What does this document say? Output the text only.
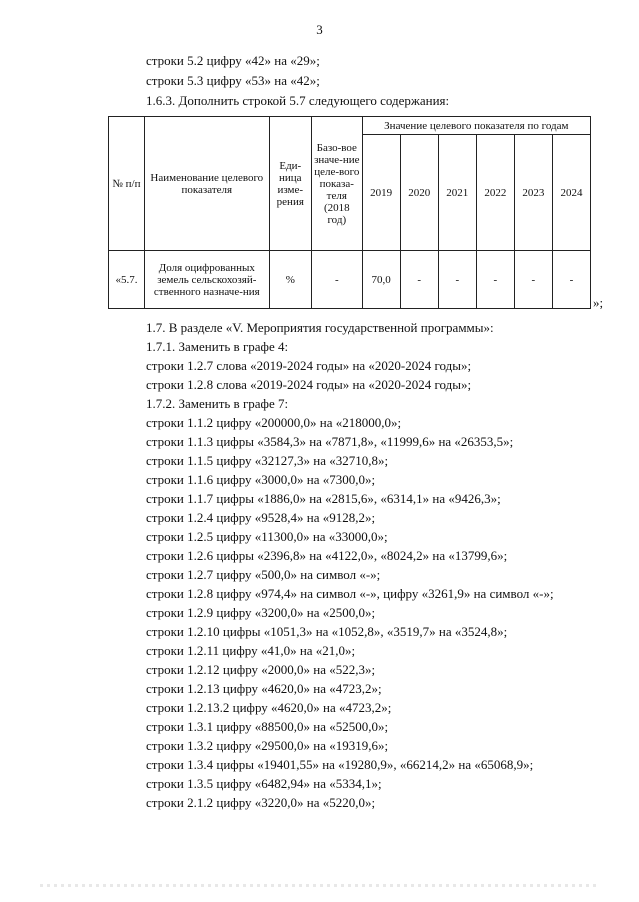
3
строки 5.2 цифру «42» на «29»;
строки 5.3 цифру «53» на «42»;
1.6.3. Дополнить строкой 5.7 следующего содержания:
№ п/п	Наименование целевого показателя	Еди-ница изме-рения	Базо-вое значе-ние целе-вого показа-теля (2018 год)	Значение целевого показателя по годам					
				2019	2020	2021	2022	2023	2024
«5.7.	Доля оцифрованных земель сельскохозяй-ственного назначе-ния	%	-	70,0	-	-	-	-	-
»;
1.7. В разделе «V. Мероприятия государственной программы»:
1.7.1. Заменить в графе 4:
строки 1.2.7 слова «2019-2024 годы» на «2020-2024 годы»;
строки 1.2.8 слова «2019-2024 годы» на «2020-2024 годы»;
1.7.2. Заменить в графе 7:
строки 1.1.2 цифру «200000,0» на «218000,0»;
строки 1.1.3 цифры «3584,3» на «7871,8», «11999,6» на «26353,5»;
строки 1.1.5 цифру «32127,3» на «32710,8»;
строки 1.1.6 цифру «3000,0» на «7300,0»;
строки 1.1.7 цифры «1886,0» на «2815,6», «6314,1» на «9426,3»;
строки 1.2.4 цифру «9528,4» на «9128,2»;
строки 1.2.5 цифру «11300,0» на «33000,0»;
строки 1.2.6 цифры «2396,8» на «4122,0», «8024,2» на «13799,6»;
строки 1.2.7 цифру «500,0» на символ «-»;
строки 1.2.8 цифру «974,4» на символ «-», цифру «3261,9» на символ «-»;
строки 1.2.9 цифру «3200,0» на «2500,0»;
строки 1.2.10 цифры «1051,3» на «1052,8», «3519,7» на «3524,8»;
строки 1.2.11 цифру «41,0» на «21,0»;
строки 1.2.12 цифру «2000,0» на «522,3»;
строки 1.2.13 цифру «4620,0» на «4723,2»;
строки 1.2.13.2 цифру «4620,0» на «4723,2»;
строки 1.3.1 цифру «88500,0» на «52500,0»;
строки 1.3.2 цифру «29500,0» на «19319,6»;
строки 1.3.4 цифры «19401,55» на «19280,9», «66214,2» на «65068,9»;
строки 1.3.5 цифру «6482,94» на «5334,1»;
строки 2.1.2 цифру «3220,0» на «5220,0»;
